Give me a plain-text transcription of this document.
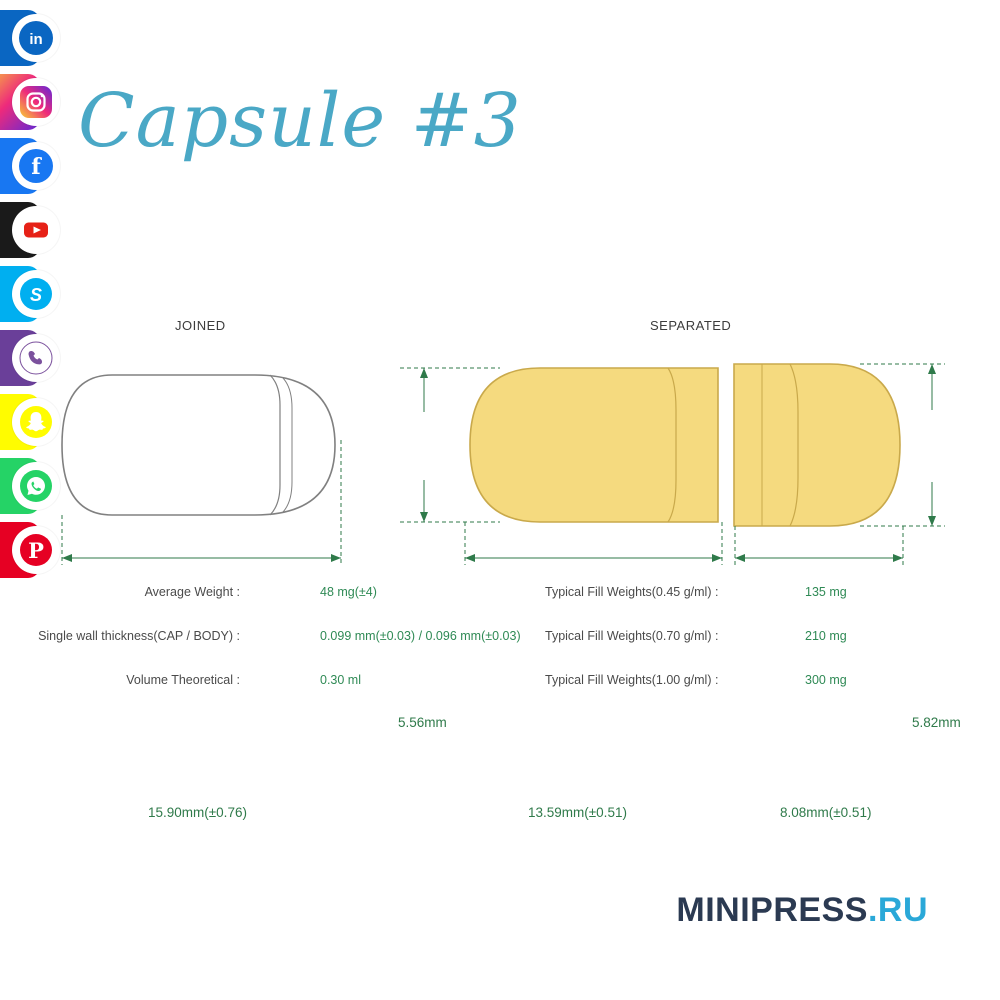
in
f
S
P
Capsule #3
JOINED	SEPARATED
15.90mm(±0.76)	13.59mm(±0.51)	8.08mm(±0.51)
5.56mm	5.82mm
Average Weight :	48 mg(±4)	Typical Fill Weights(0.45 g/ml) :	135 mg
Single wall thickness(CAP / BODY) :	0.099 mm(±0.03) / 0.096 mm(±0.03) Typical Fill Weights(0.70 g/ml) :	210 mg
Volume Theoretical :	0.30 ml	Typical Fill Weights(1.00 g/ml) :	300 mg
MINIPRESS.RU
